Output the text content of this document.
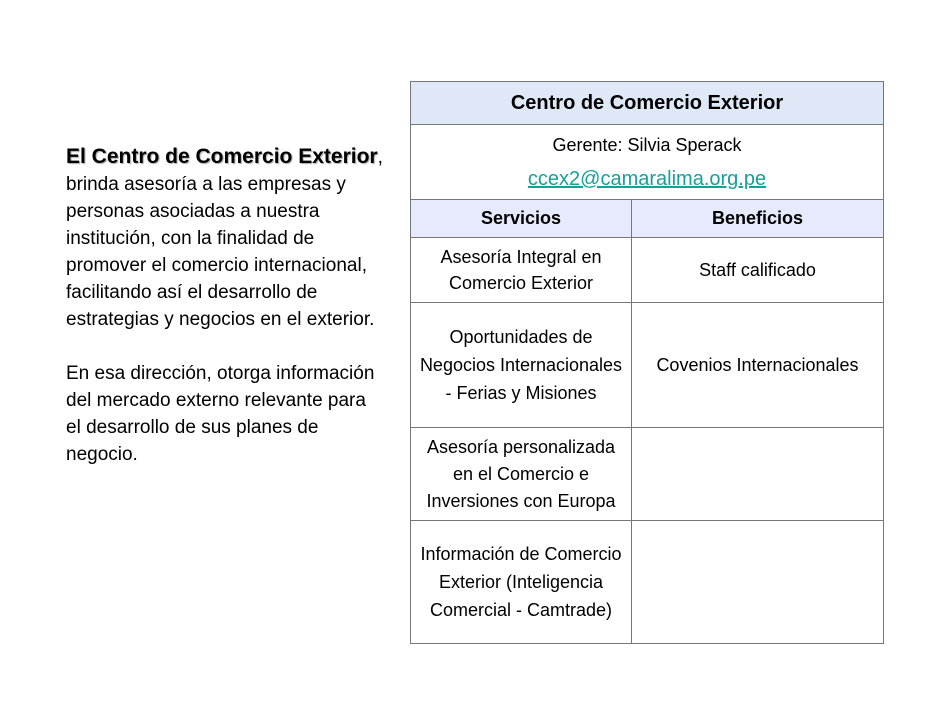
El Centro de Comercio Exterior, brinda asesoría a las empresas y personas asociadas a nuestra institución, con la finalidad de promover el comercio internacional, facilitando así el desarrollo de estrategias y negocios en el exterior.

En esa dirección, otorga información del mercado externo relevante para el desarrollo de sus planes de negocio.

Centro de Comercio Exterior	

Gerente: Silvia Sperack
ccex2@camaralima.org.pe	

Servicios	Beneficios
Asesoría Integral en Comercio Exterior	Staff calificado
Oportunidades de Negocios Internacionales - Ferias y Misiones	Covenios Internacionales
Asesoría personalizada en el Comercio e Inversiones con Europa	
Información de Comercio Exterior (Inteligencia Comercial - Camtrade)	
